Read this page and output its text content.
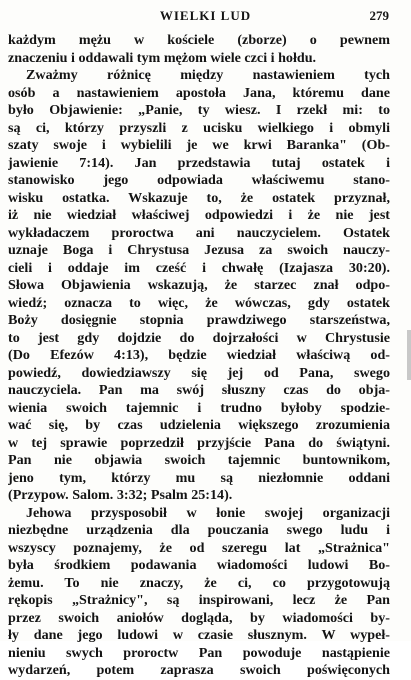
WIELKI LUD	279
każdym mężu w kościele (zborze) o pewnem
znaczeniu i oddawali tym mężom wiele czci i hołdu.
Zważmy różnicę między nastawieniem tych
osób a nastawieniem apostoła Jana, któremu dane
było Objawienie: „Panie, ty wiesz. I rzekł mi: to
są ci, którzy przyszli z ucisku wielkiego i obmyli
szaty swoje i wybielili je we krwi Baranka" (Ob-
jawienie 7:14). Jan przedstawia tutaj ostatek i
stanowisko jego odpowiada właściwemu stano-
wisku ostatka. Wskazuje to, że ostatek przyznał,
iż nie wiedział właściwej odpowiedzi i że nie jest
wykładaczem proroctwa ani nauczycielem. Ostatek
uznaje Boga i Chrystusa Jezusa za swoich nauczy-
cieli i oddaje im cześć i chwałę (Izajasza 30:20).
Słowa Objawienia wskazują, że starzec znał odpo-
wiedź; oznacza to więc, że wówczas, gdy ostatek
Boży dosięgnie stopnia prawdziwego starszeństwa,
to jest gdy dojdzie do dojrzałości w Chrystusie
(Do Efezów 4:13), będzie wiedział właściwą od-
powiedź, dowiedziawszy się jej od Pana, swego
nauczyciela. Pan ma swój słuszny czas do obja-
wienia swoich tajemnic i trudno byłoby spodzie-
wać się, by czas udzielenia większego zrozumienia
w tej sprawie poprzedził przyjście Pana do świątyni.
Pan nie objawia swoich tajemnic buntownikom,
jeno tym, którzy mu są niezłomnie oddani
(Przypow. Salom. 3:32; Psalm 25:14).
Jehowa przysposobił w łonie swojej organizacji
niezbędne urządzenia dla pouczania swego ludu i
wszyscy poznajemy, że od szeregu lat „Strażnica"
była środkiem podawania wiadomości ludowi Bo-
żemu. To nie znaczy, że ci, co przygotowują
rękopis „Strażnicy", są inspirowani, lecz że Pan
przez swoich aniołów dogląda, by wiadomości by-
ły dane jego ludowi w czasie słusznym. W wypeł-
nieniu swych proroctw Pan powoduje nastąpienie
wydarzeń, potem zaprasza swoich poświęconych
